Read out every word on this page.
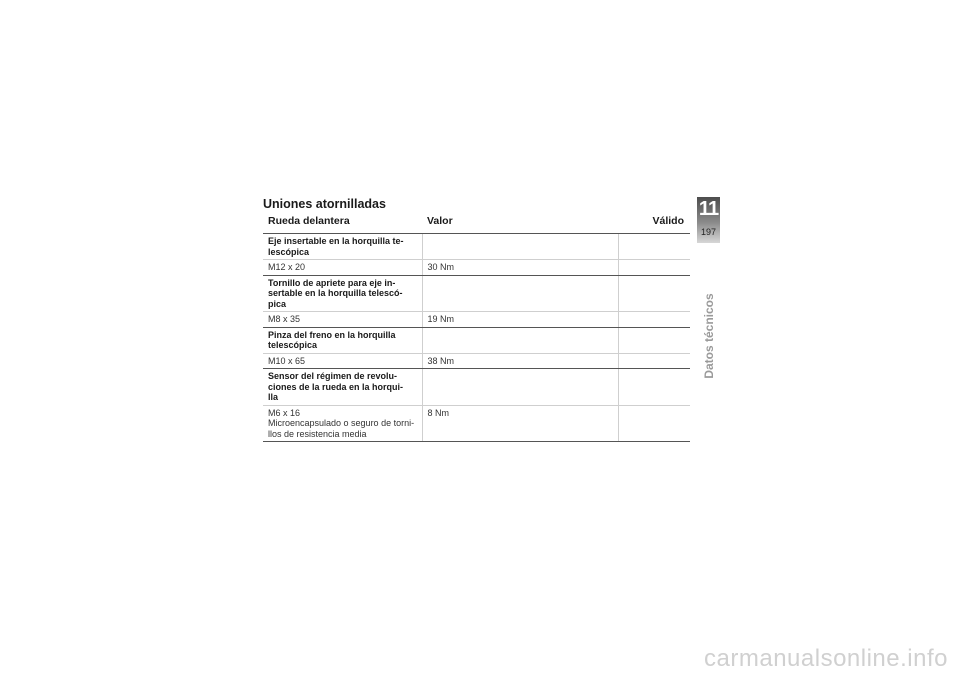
Uniones atornilladas
Rueda delantera	Valor	Válido
Eje insertable en la horquilla te-
lescópica		

M12 x 20	30 Nm	
Tornillo de apriete para eje in-
sertable en la horquilla telescó-
pica		

M8 x 35	19 Nm	
Pinza del freno en la horquilla
telescópica		

M10 x 65	38 Nm	
Sensor del régimen de revolu-
ciones de la rueda en la horqui-
lla		

M6 x 16
Microencapsulado o seguro de torni-
llos de resistencia media	8 Nm	
11
197
Datos técnicos
carmanualsonline.info
